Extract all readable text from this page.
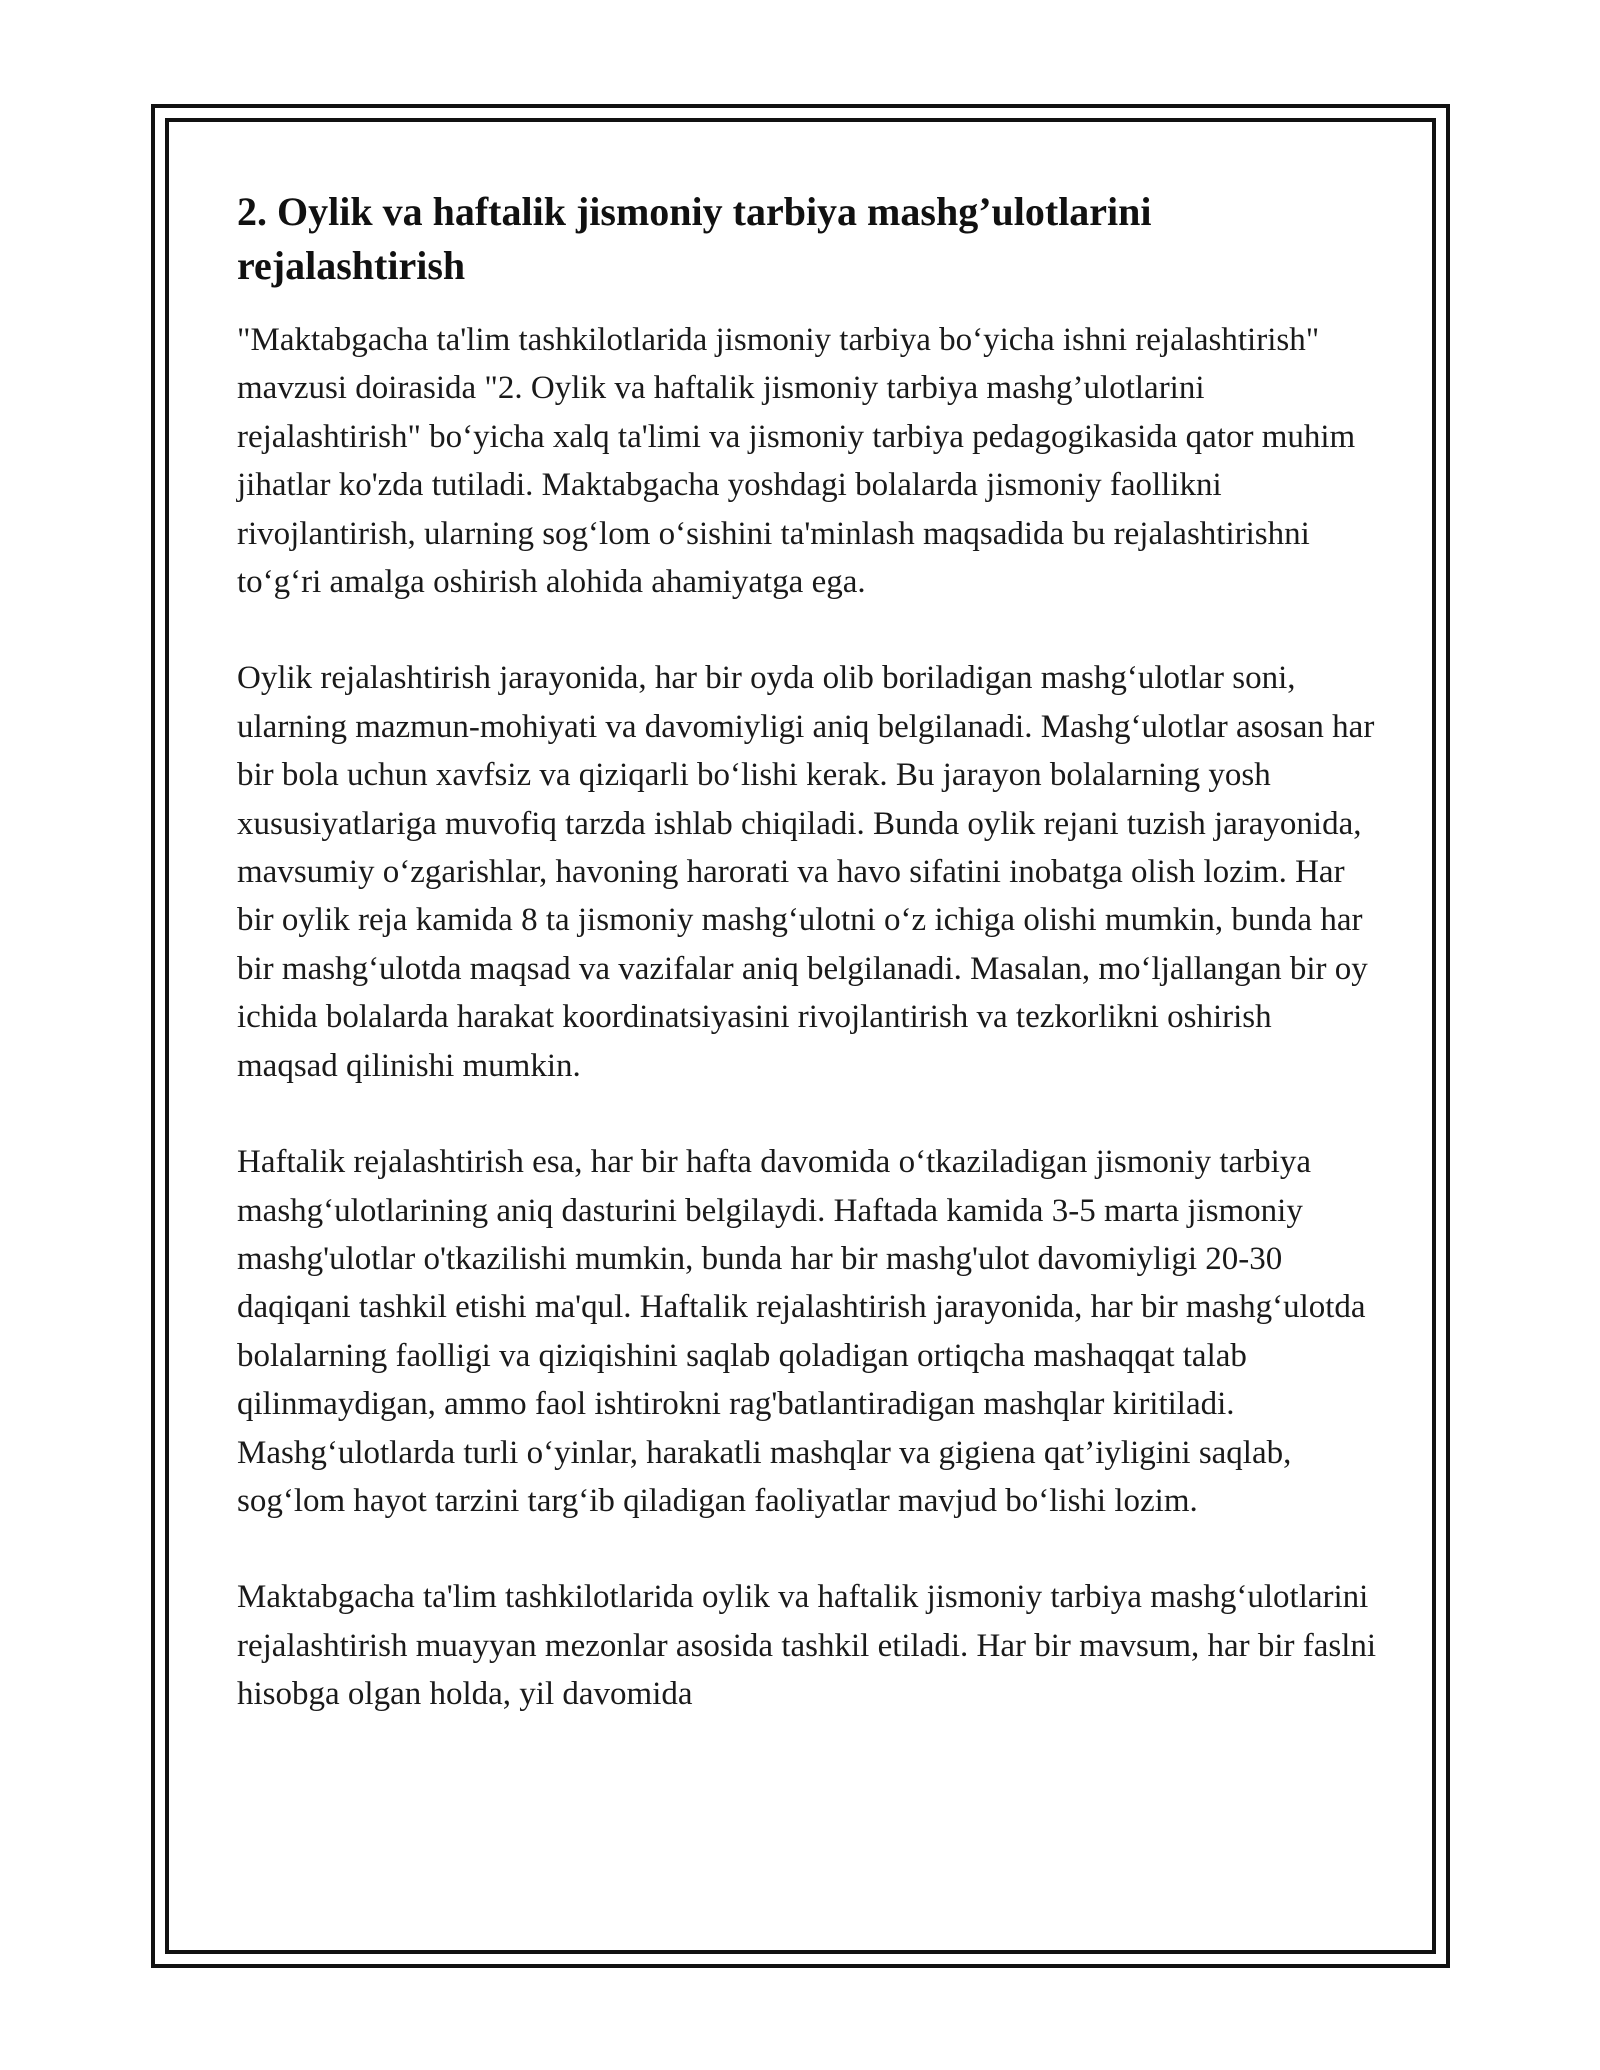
2. Oylik va haftalik jismoniy tarbiya mashg’ulotlarini rejalashtirish

"Maktabgacha ta'lim tashkilotlarida jismoniy tarbiya bo‘yicha ishni rejalashtirish" mavzusi doirasida "2. Oylik va haftalik jismoniy tarbiya mashg’ulotlarini rejalashtirish" bo‘yicha xalq ta'limi va jismoniy tarbiya pedagogikasida qator muhim jihatlar ko'zda tutiladi. Maktabgacha yoshdagi bolalarda jismoniy faollikni rivojlantirish, ularning sog‘lom o‘sishini ta'minlash maqsadida bu rejalashtirishni to‘g‘ri amalga oshirish alohida ahamiyatga ega.

Oylik rejalashtirish jarayonida, har bir oyda olib boriladigan mashg‘ulotlar soni, ularning mazmun-mohiyati va davomiyligi aniq belgilanadi. Mashg‘ulotlar asosan har bir bola uchun xavfsiz va qiziqarli bo‘lishi kerak. Bu jarayon bolalarning yosh xususiyatlariga muvofiq tarzda ishlab chiqiladi. Bunda oylik rejani tuzish jarayonida, mavsumiy o‘zgarishlar, havoning harorati va havo sifatini inobatga olish lozim. Har bir oylik reja kamida 8 ta jismoniy mashg‘ulotni o‘z ichiga olishi mumkin, bunda har bir mashg‘ulotda maqsad va vazifalar aniq belgilanadi. Masalan, mo‘ljallangan bir oy ichida bolalarda harakat koordinatsiyasini rivojlantirish va tezkorlikni oshirish maqsad qilinishi mumkin.

Haftalik rejalashtirish esa, har bir hafta davomida o‘tkaziladigan jismoniy tarbiya mashg‘ulotlarining aniq dasturini belgilaydi. Haftada kamida 3-5 marta jismoniy mashg'ulotlar o'tkazilishi mumkin, bunda har bir mashg'ulot davomiyligi 20-30 daqiqani tashkil etishi ma'qul. Haftalik rejalashtirish jarayonida, har bir mashg‘ulotda bolalarning faolligi va qiziqishini saqlab qoladigan ortiqcha mashaqqat talab qilinmaydigan, ammo faol ishtirokni rag'batlantiradigan mashqlar kiritiladi. Mashg‘ulotlarda turli o‘yinlar, harakatli mashqlar va gigiena qat’iyligini saqlab, sog‘lom hayot tarzini targ‘ib qiladigan faoliyatlar mavjud bo‘lishi lozim.

Maktabgacha ta'lim tashkilotlarida oylik va haftalik jismoniy tarbiya mashg‘ulotlarini rejalashtirish muayyan mezonlar asosida tashkil etiladi. Har bir mavsum, har bir faslni hisobga olgan holda, yil davomida
